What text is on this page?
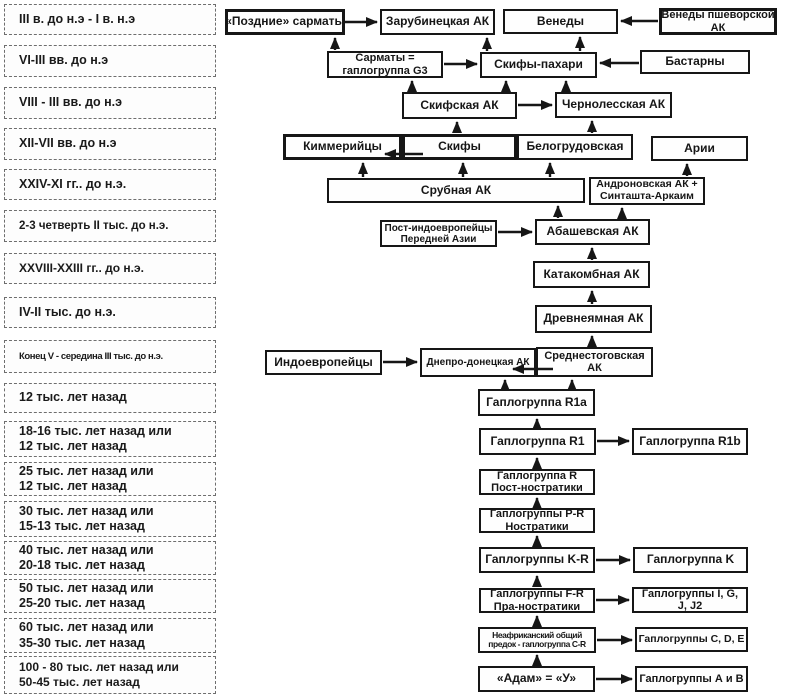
III в. до н.э - I в. н.э
VI-III вв. до н.э
VIII - III вв. до н.э
XII-VII вв. до н.э
XXIV-XI гг.. до н.э.
2-3 четверть II тыс. до н.э.
XXVIII-XXIII гг.. до н.э.
IV-II тыс. до н.э.
Конец V - середина III тыс. до н.э.
12 тыс. лет назад
18-16 тыс. лет назад или
12 тыс. лет назад
25 тыс. лет назад или
12 тыс. лет назад
30 тыс. лет назад или
15-13 тыс. лет назад
40 тыс. лет назад или
20-18 тыс. лет назад
50 тыс. лет назад или
25-20 тыс. лет назад
60 тыс. лет назад или
35-30 тыс. лет назад
100 - 80 тыс. лет назад или
50-45 тыс. лет назад
«Поздние» сарматы	Зарубинецкая АК	Венеды	Венеды пшеворской
АК
Сарматы =
гаплогруппа G3	Скифы-пахари	Бастарны
Скифская АК	Чернолесская АК
Киммерийцы	Скифы	Белогрудовская	Арии
Срубная АК	Андроновская АК +
Синташта-Аркаим
Пост-индоевропейцы
Передней Азии
Абашевская АК
Катакомбная АК
Древнеямная АК
Индоевропейцы	Днепро-донецкая АК
Среднестоговская
АК
Гаплогруппа R1a
Гаплогруппа R1	Гаплогруппа R1b
Гаплогруппа R
Пост-ностратики
Гаплогруппы P-R
Ностратики
Гаплогруппы K-R	Гаплогруппа K
Гаплогруппы F-R
Пра-ностратики
Гаплогруппы I, G,
J, J2
Неафриканский общий
предок - гаплогруппа C-R	Гаплогруппы C, D, E
«Адам» = «У»	Гаплогруппы А и В
